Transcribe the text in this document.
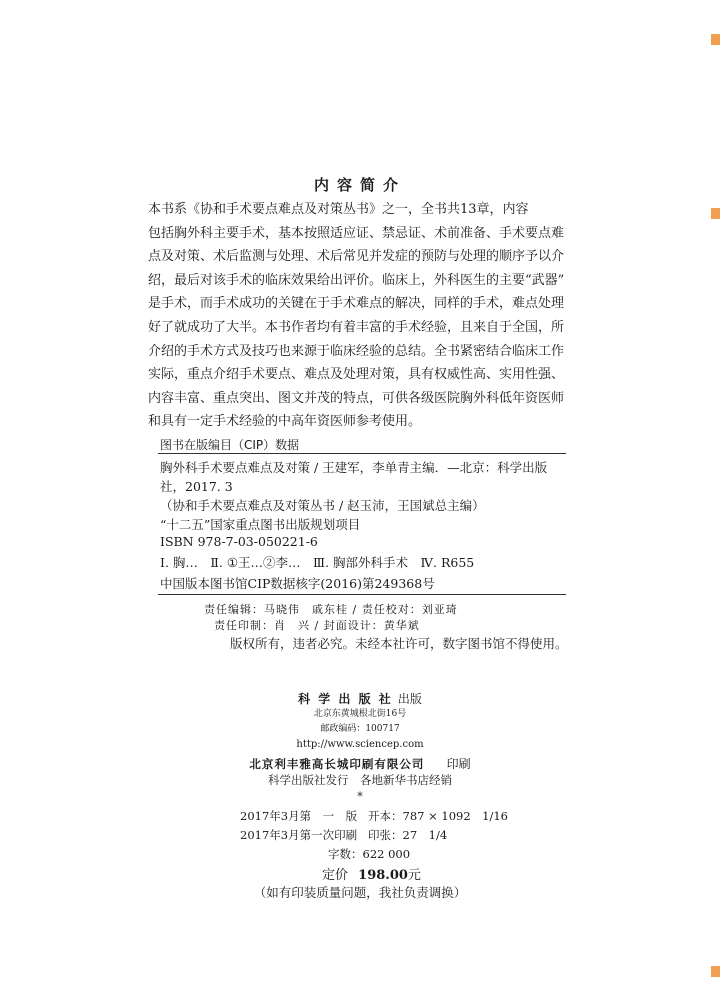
内容简介

本书系《协和手术要点难点及对策丛书》之一，全书共13章，内容
包括胸外科主要手术，基本按照适应证、禁忌证、术前准备、手术要点难
点及对策、术后监测与处理、术后常见并发症的预防与处理的顺序予以介
绍，最后对该手术的临床效果给出评价。临床上，外科医生的主要“武器”
是手术，而手术成功的关键在于手术难点的解决，同样的手术，难点处理
好了就成功了大半。本书作者均有着丰富的手术经验，且来自于全国，所
介绍的手术方式及技巧也来源于临床经验的总结。全书紧密结合临床工作
实际，重点介绍手术要点、难点及处理对策，具有权威性高、实用性强、
内容丰富、重点突出、图文并茂的特点，可供各级医院胸外科低年资医师
和具有一定手术经验的中高年资医师参考使用。

图书在版编目（CIP）数据
胸外科手术要点难点及对策 / 王建军，李单青主编．—北京：科学出版
社，2017. 3
（协和手术要点难点及对策丛书 / 赵玉沛，王国斌总主编）
“十二五”国家重点图书出版规划项目
ISBN 978-7-03-050221-6
Ⅰ. 胸…　Ⅱ. ①王…②李…　Ⅲ. 胸部外科手术　Ⅳ. R655
中国版本图书馆CIP数据核字(2016)第249368号
责任编辑：马晓伟　戚东桂 / 责任校对：刘亚琦
责任印制：肖　兴 / 封面设计：黄华斌
版权所有，违者必究。未经本社许可，数字图书馆不得使用。
科 学 出 版 社 出版
北京东黄城根北街16号
邮政编码：100717
http://www.sciencep.com
北京利丰雅高长城印刷有限公司 　 印刷
科学出版社发行　各地新华书店经销
*
2017年3月第　一　版 开本：787 × 1092　1/16
2017年3月第一次印刷 印张：27　1/4
字数：622 000
定价 198.00元
（如有印装质量问题，我社负责调换）
